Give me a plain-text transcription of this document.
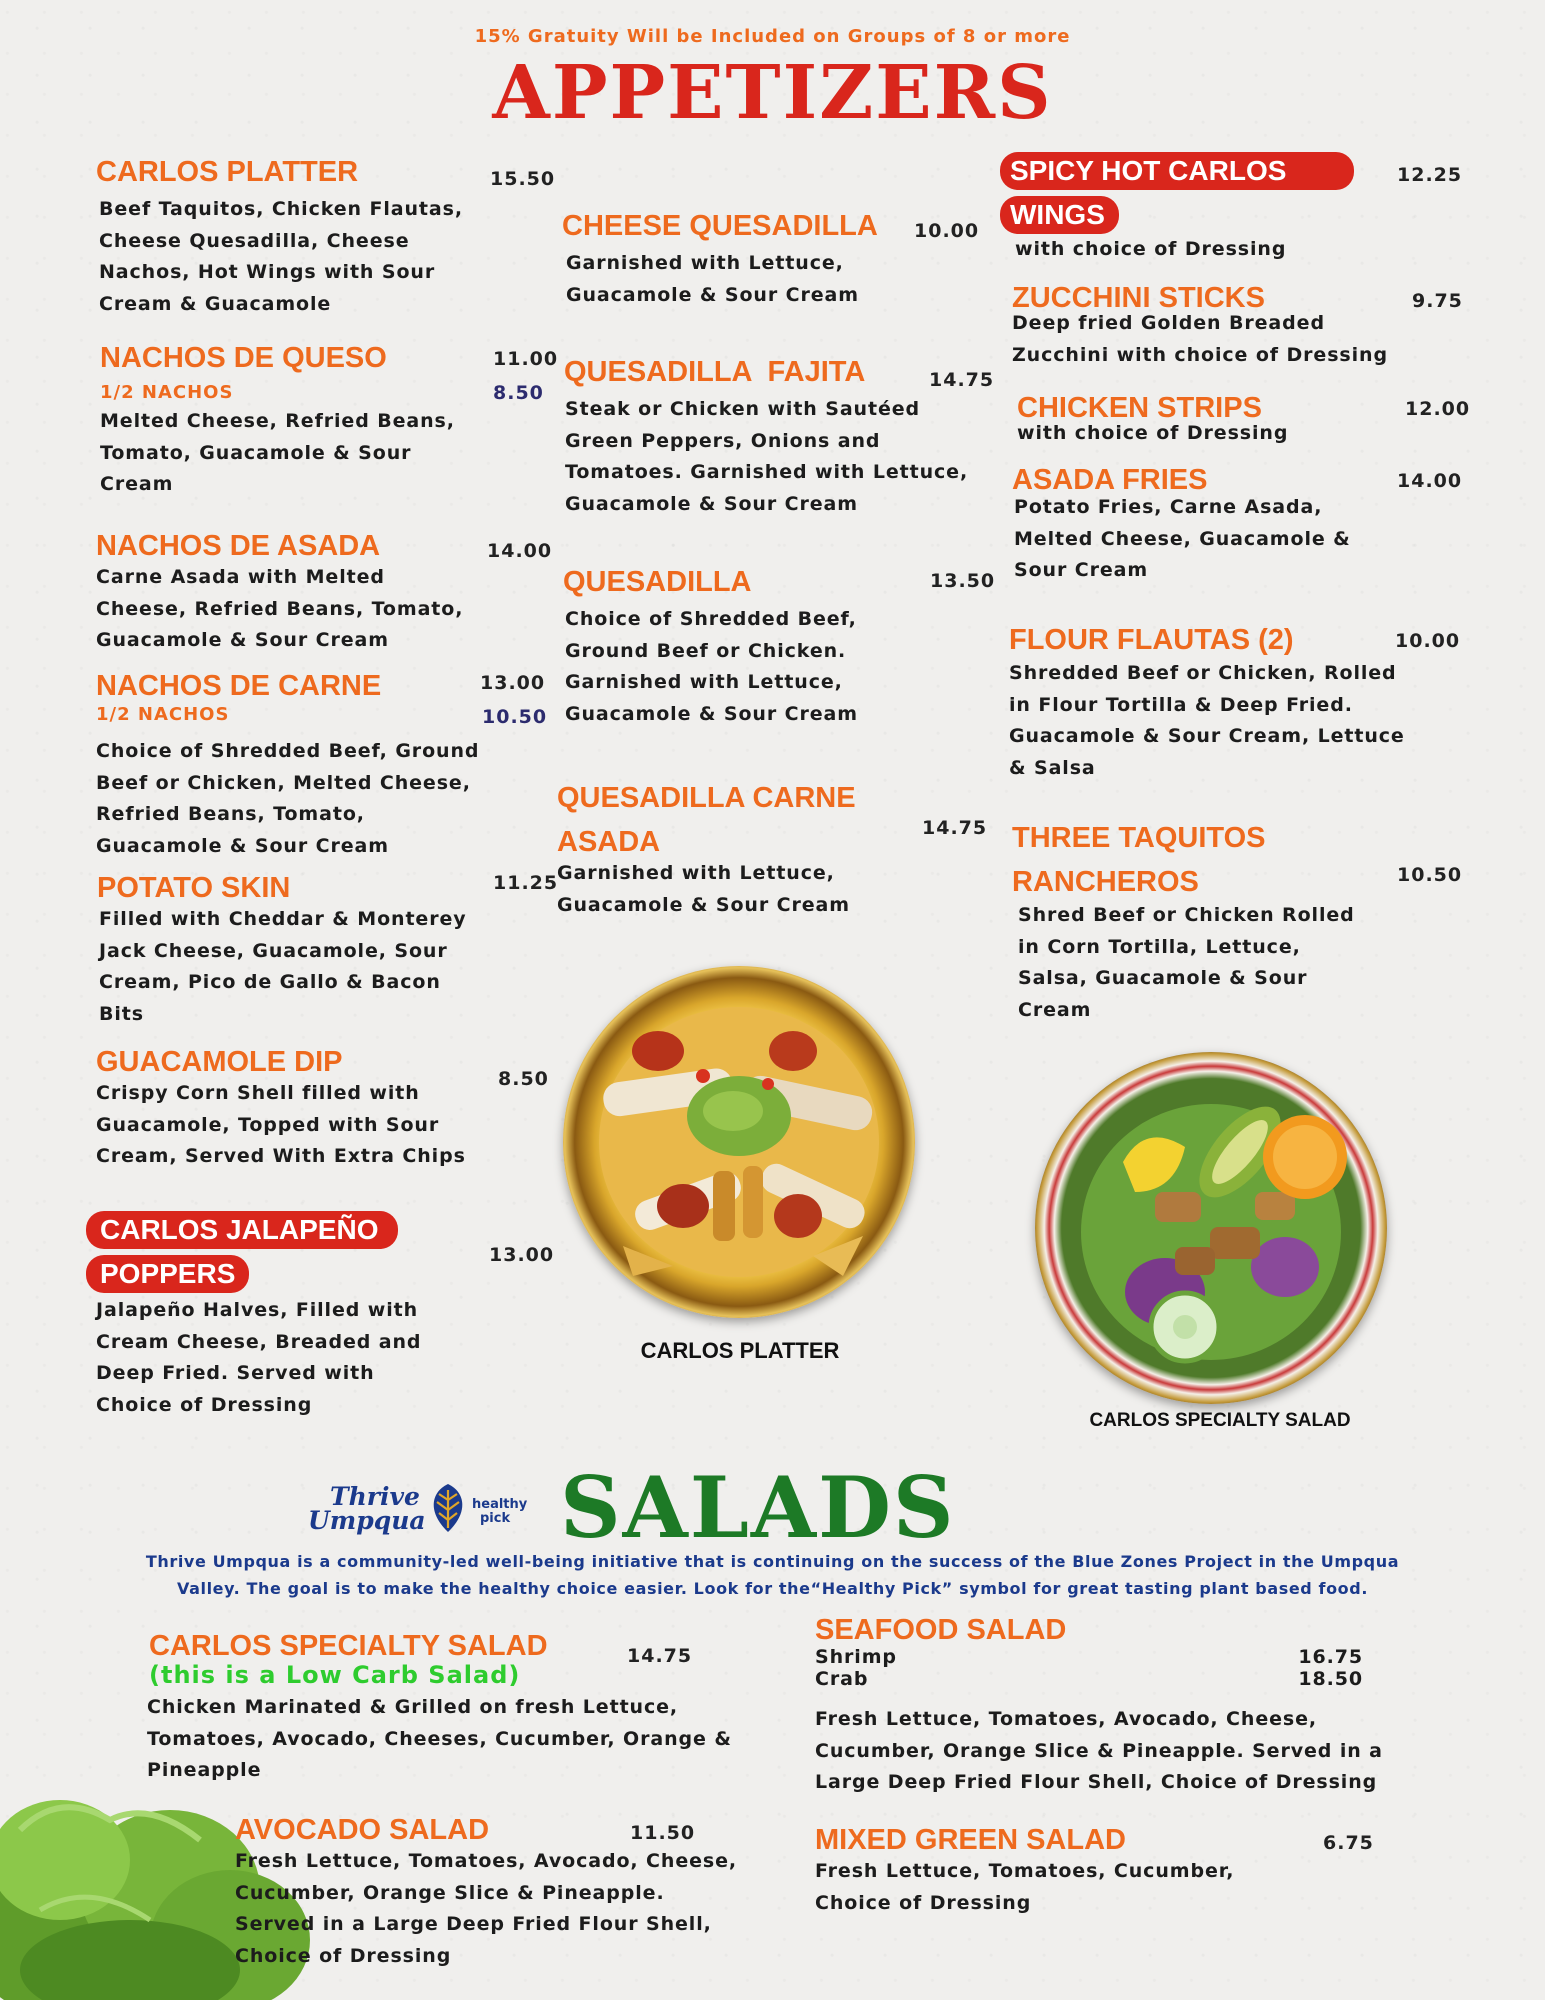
15% Gratuity Will be Included on Groups of 8 or more
APPETIZERS
CARLOS PLATTER
Beef Taquitos, Chicken Flautas,
Cheese Quesadilla, Cheese
Nachos, Hot Wings with Sour
Cream & Guacamole
15.50
NACHOS DE QUESO
1/2 NACHOS
Melted Cheese, Refried Beans,
Tomato, Guacamole & Sour
Cream
11.00
8.50
NACHOS DE ASADA
Carne Asada with Melted
Cheese, Refried Beans, Tomato,
Guacamole & Sour Cream
14.00
NACHOS DE CARNE
1/2 NACHOS
Choice of Shredded Beef, Ground
Beef or Chicken, Melted Cheese,
Refried Beans, Tomato,
Guacamole & Sour Cream
13.00
10.50
POTATO SKIN
Filled with Cheddar & Monterey
Jack Cheese, Guacamole, Sour
Cream, Pico de Gallo & Bacon
Bits
11.25
GUACAMOLE DIP
Crispy Corn Shell filled with
Guacamole, Topped with Sour
Cream, Served With Extra Chips
8.50
CARLOS JALAPEÑO
POPPERS
Jalapeño Halves, Filled with
Cream Cheese, Breaded and
Deep Fried. Served with
Choice of Dressing
13.00
CHEESE QUESADILLA
Garnished with Lettuce,
Guacamole & Sour Cream
10.00
QUESADILLA  FAJITA
Steak or Chicken with Sautéed
Green Peppers, Onions and
Tomatoes. Garnished with Lettuce,
Guacamole & Sour Cream
14.75
QUESADILLA
Choice of Shredded Beef,
Ground Beef or Chicken.
Garnished with Lettuce,
Guacamole & Sour Cream
13.50
QUESADILLA CARNE
ASADA
Garnished with Lettuce,
Guacamole & Sour Cream
14.75
CARLOS PLATTER
SPICY HOT CARLOS
WINGS
with choice of Dressing
12.25
ZUCCHINI STICKS
Deep fried Golden Breaded
Zucchini with choice of Dressing
9.75
CHICKEN STRIPS
with choice of Dressing
12.00
ASADA FRIES
Potato Fries, Carne Asada,
Melted Cheese, Guacamole &
Sour Cream
14.00
FLOUR FLAUTAS (2)
Shredded Beef or Chicken, Rolled
in Flour Tortilla & Deep Fried.
Guacamole & Sour Cream, Lettuce
& Salsa
10.00
THREE TAQUITOS
RANCHEROS
Shred Beef or Chicken Rolled
in Corn Tortilla, Lettuce,
Salsa, Guacamole & Sour
Cream
10.50
CARLOS SPECIALTY SALAD
Thrive
Umpqua
healthy
pick SALADS
Thrive Umpqua is a community-led well-being initiative that is continuing on the success of the Blue Zones Project in the Umpqua
Valley. The goal is to make the healthy choice easier. Look for the“Healthy Pick” symbol for great tasting plant based food.
CARLOS SPECIALTY SALAD
(this is a Low Carb Salad)
Chicken Marinated & Grilled on fresh Lettuce,
Tomatoes, Avocado, Cheeses, Cucumber, Orange &
Pineapple
14.75
AVOCADO SALAD
Fresh Lettuce, Tomatoes, Avocado, Cheese,
Cucumber, Orange Slice & Pineapple.
Served in a Large Deep Fried Flour Shell,
Choice of Dressing
11.50
SEAFOOD SALAD
Shrimp	16.75
Crab	18.50
Fresh Lettuce, Tomatoes, Avocado, Cheese,
Cucumber, Orange Slice & Pineapple. Served in a
Large Deep Fried Flour Shell, Choice of Dressing
MIXED GREEN SALAD
Fresh Lettuce, Tomatoes, Cucumber,
Choice of Dressing
6.75
